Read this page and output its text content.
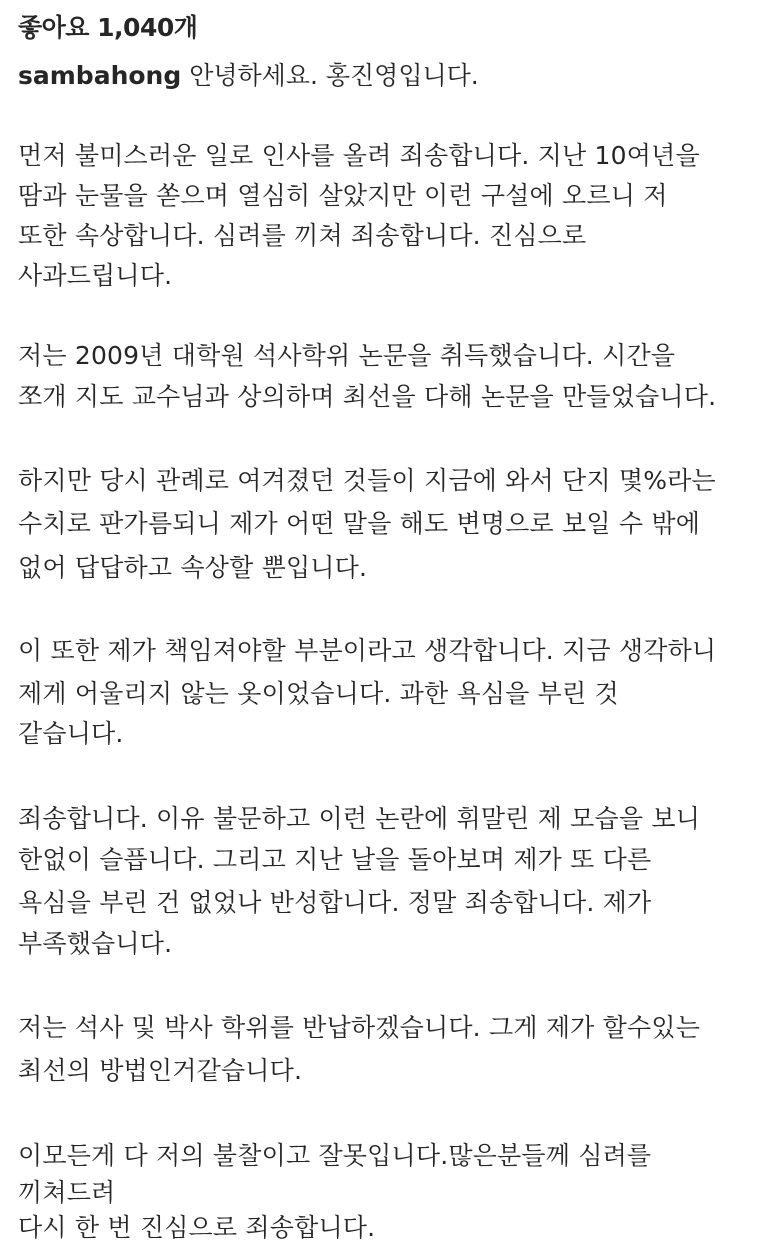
좋아요 1,040개
sambahong 안녕하세요. 홍진영입니다.
먼저 불미스러운 일로 인사를 올려 죄송합니다. 지난 10여년을
땀과 눈물을 쏟으며 열심히 살았지만 이런 구설에 오르니 저
또한 속상합니다. 심려를 끼쳐 죄송합니다. 진심으로
사과드립니다.
저는 2009년 대학원 석사학위 논문을 취득했습니다. 시간을
쪼개 지도 교수님과 상의하며 최선을 다해 논문을 만들었습니다.
하지만 당시 관례로 여겨졌던 것들이 지금에 와서 단지 몇%라는
수치로 판가름되니 제가 어떤 말을 해도 변명으로 보일 수 밖에
없어 답답하고 속상할 뿐입니다.
이 또한 제가 책임져야할 부분이라고 생각합니다. 지금 생각하니
제게 어울리지 않는 옷이었습니다. 과한 욕심을 부린 것
같습니다.
죄송합니다. 이유 불문하고 이런 논란에 휘말린 제 모습을 보니
한없이 슬픕니다. 그리고 지난 날을 돌아보며 제가 또 다른
욕심을 부린 건 없었나 반성합니다. 정말 죄송합니다. 제가
부족했습니다.
저는 석사 및 박사 학위를 반납하겠습니다. 그게 제가 할수있는
최선의 방법인거같습니다.
이모든게 다 저의 불찰이고 잘못입니다.많은분들께 심려를
끼쳐드려
다시 한 번 진심으로 죄송합니다.
